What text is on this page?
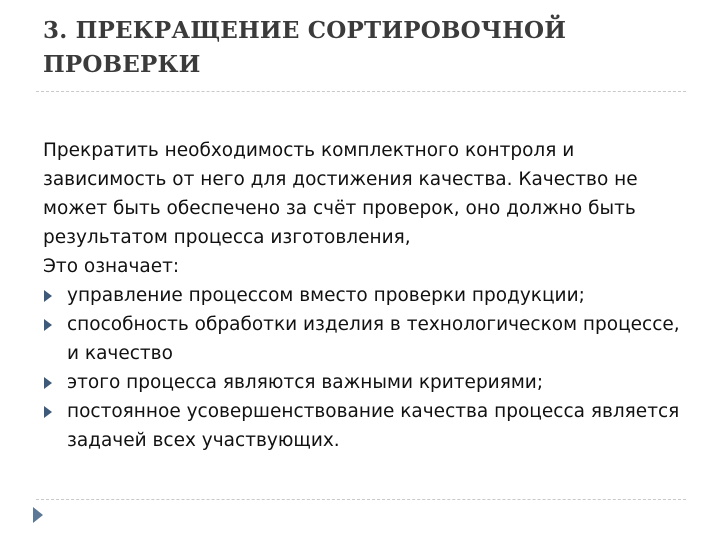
3. ПРЕКРАЩЕНИЕ СОРТИРОВОЧНОЙ ПРОВЕРКИ

Прекратить необходимость комплектного контроля и зависимость от него для достижения качества. Качество не может быть обеспечено за счёт проверок, оно должно быть результатом процесса изготовления,

Это означает:

управление процессом вместо проверки продукции;
способность обработки изделия в технологическом процессе, и качество
этого процесса являются важными критериями;
постоянное усовершенствование качества процесса является задачей всех участвующих.
